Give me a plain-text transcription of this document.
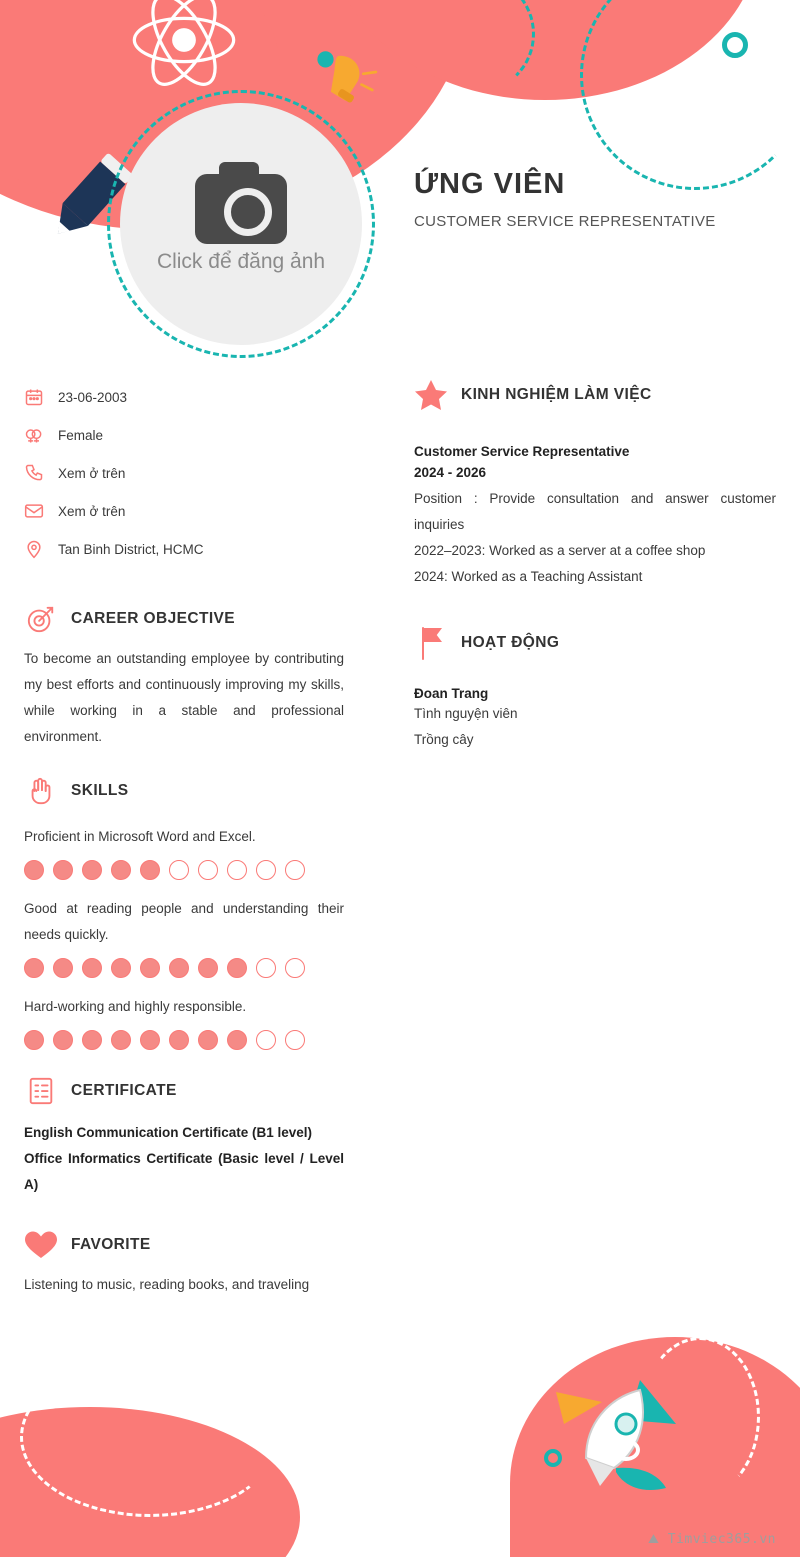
Click để đăng ảnh
ỨNG VIÊN
CUSTOMER SERVICE REPRESENTATIVE
23-06-2003
Female
Xem ở trên
Xem ở trên
Tan Binh District, HCMC
CAREER OBJECTIVE
To become an outstanding employee by contributing my best efforts and continuously improving my skills, while working in a stable and professional environment.
SKILLS
Proficient in Microsoft Word and Excel.
Good at reading people and understanding their needs quickly.
Hard-working and highly responsible.
CERTIFICATE
English Communication Certificate (B1 level)
Office Informatics Certificate (Basic level / Level A)
FAVORITE
Listening to music, reading books, and traveling
KINH NGHIỆM LÀM VIỆC
Customer Service Representative
2024 - 2026
Position : Provide consultation and answer customer inquiries
2022–2023: Worked as a server at a coffee shop
2024: Worked as a Teaching Assistant
HOẠT ĐỘNG
Đoan Trang
Tình nguyện viên
Trồng cây
⛰ Timviec365.vn
